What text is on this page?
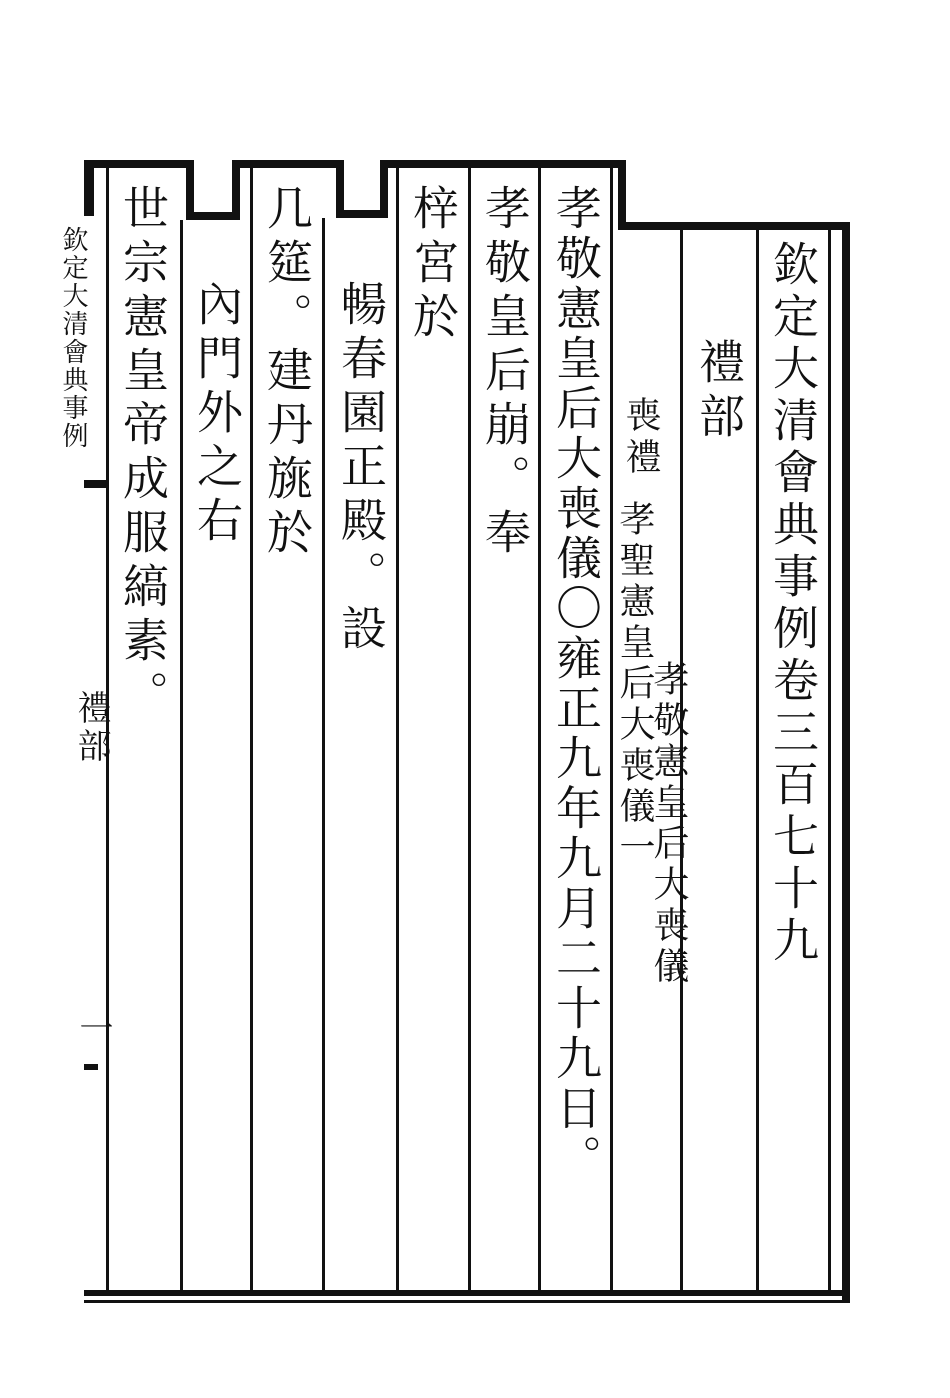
欽定大清會典事例卷三百七十九
禮部
喪禮
孝聖憲皇后大喪儀一
孝敬憲皇后大喪儀
孝敬憲皇后大喪儀〇雍正九年九月二十九日。
孝敬皇后崩。奉
梓宮於
暢春園正殿。設
几筵。建丹旐於
內門外之右
世宗憲皇帝成服縞素。
欽定大清會典事例
禮部
一
